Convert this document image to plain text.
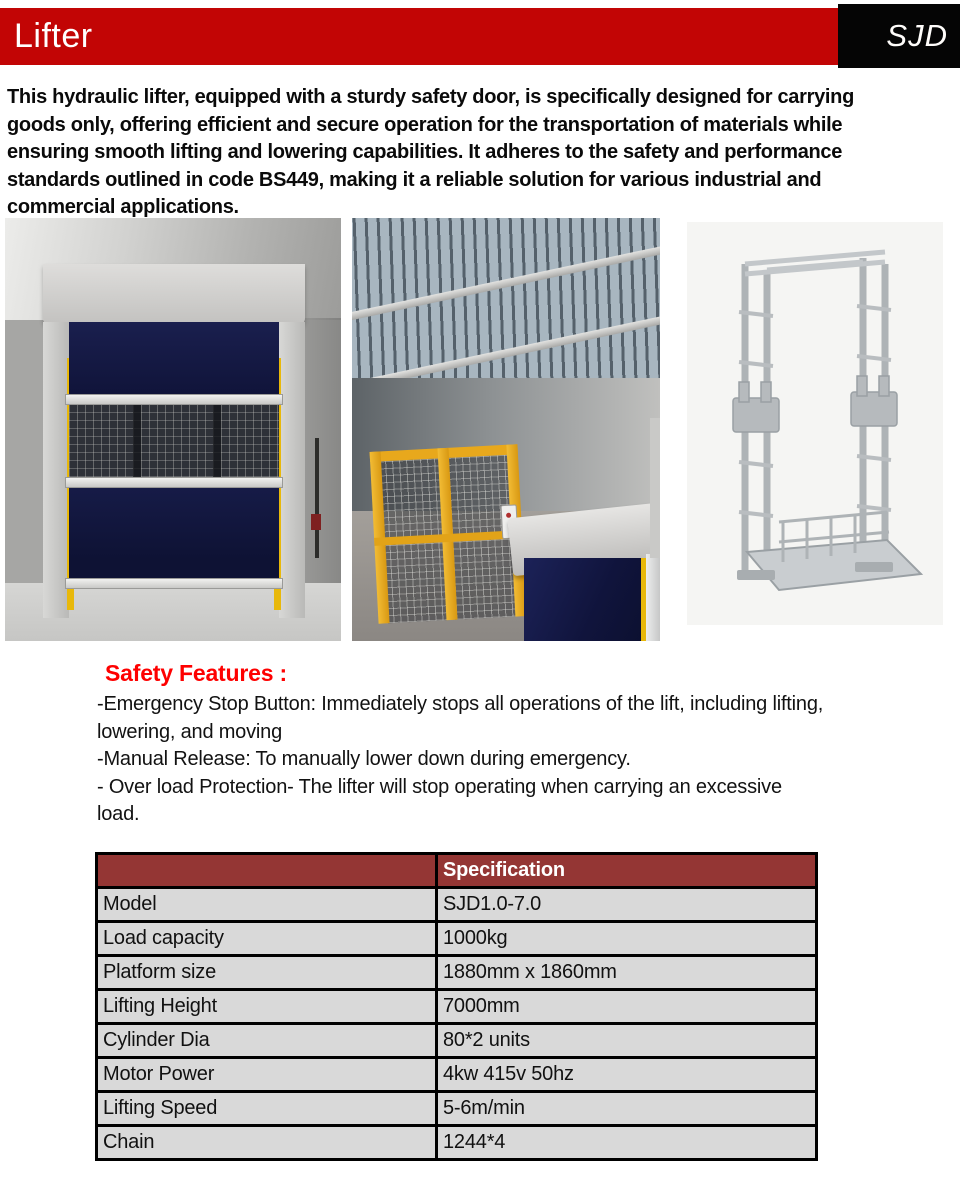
Lifter	SJD
This hydraulic lifter, equipped with a sturdy safety door, is specifically designed for carrying goods only, offering efficient and secure operation for the transportation of materials while ensuring smooth lifting and lowering capabilities. It adheres to the safety and performance standards outlined in code BS449, making it a reliable solution for various industrial and commercial applications.
Safety Features :
-Emergency Stop Button: Immediately stops all operations of the lift, including lifting, lowering, and moving
-Manual Release: To manually lower down during emergency.
- Over load Protection- The lifter will stop operating when carrying an excessive load.
	Specification
Model	SJD1.0-7.0
Load capacity	1000kg
Platform size	1880mm x 1860mm
Lifting Height	7000mm
Cylinder Dia	80*2 units
Motor Power	4kw 415v 50hz
Lifting Speed	5-6m/min
Chain	1244*4
